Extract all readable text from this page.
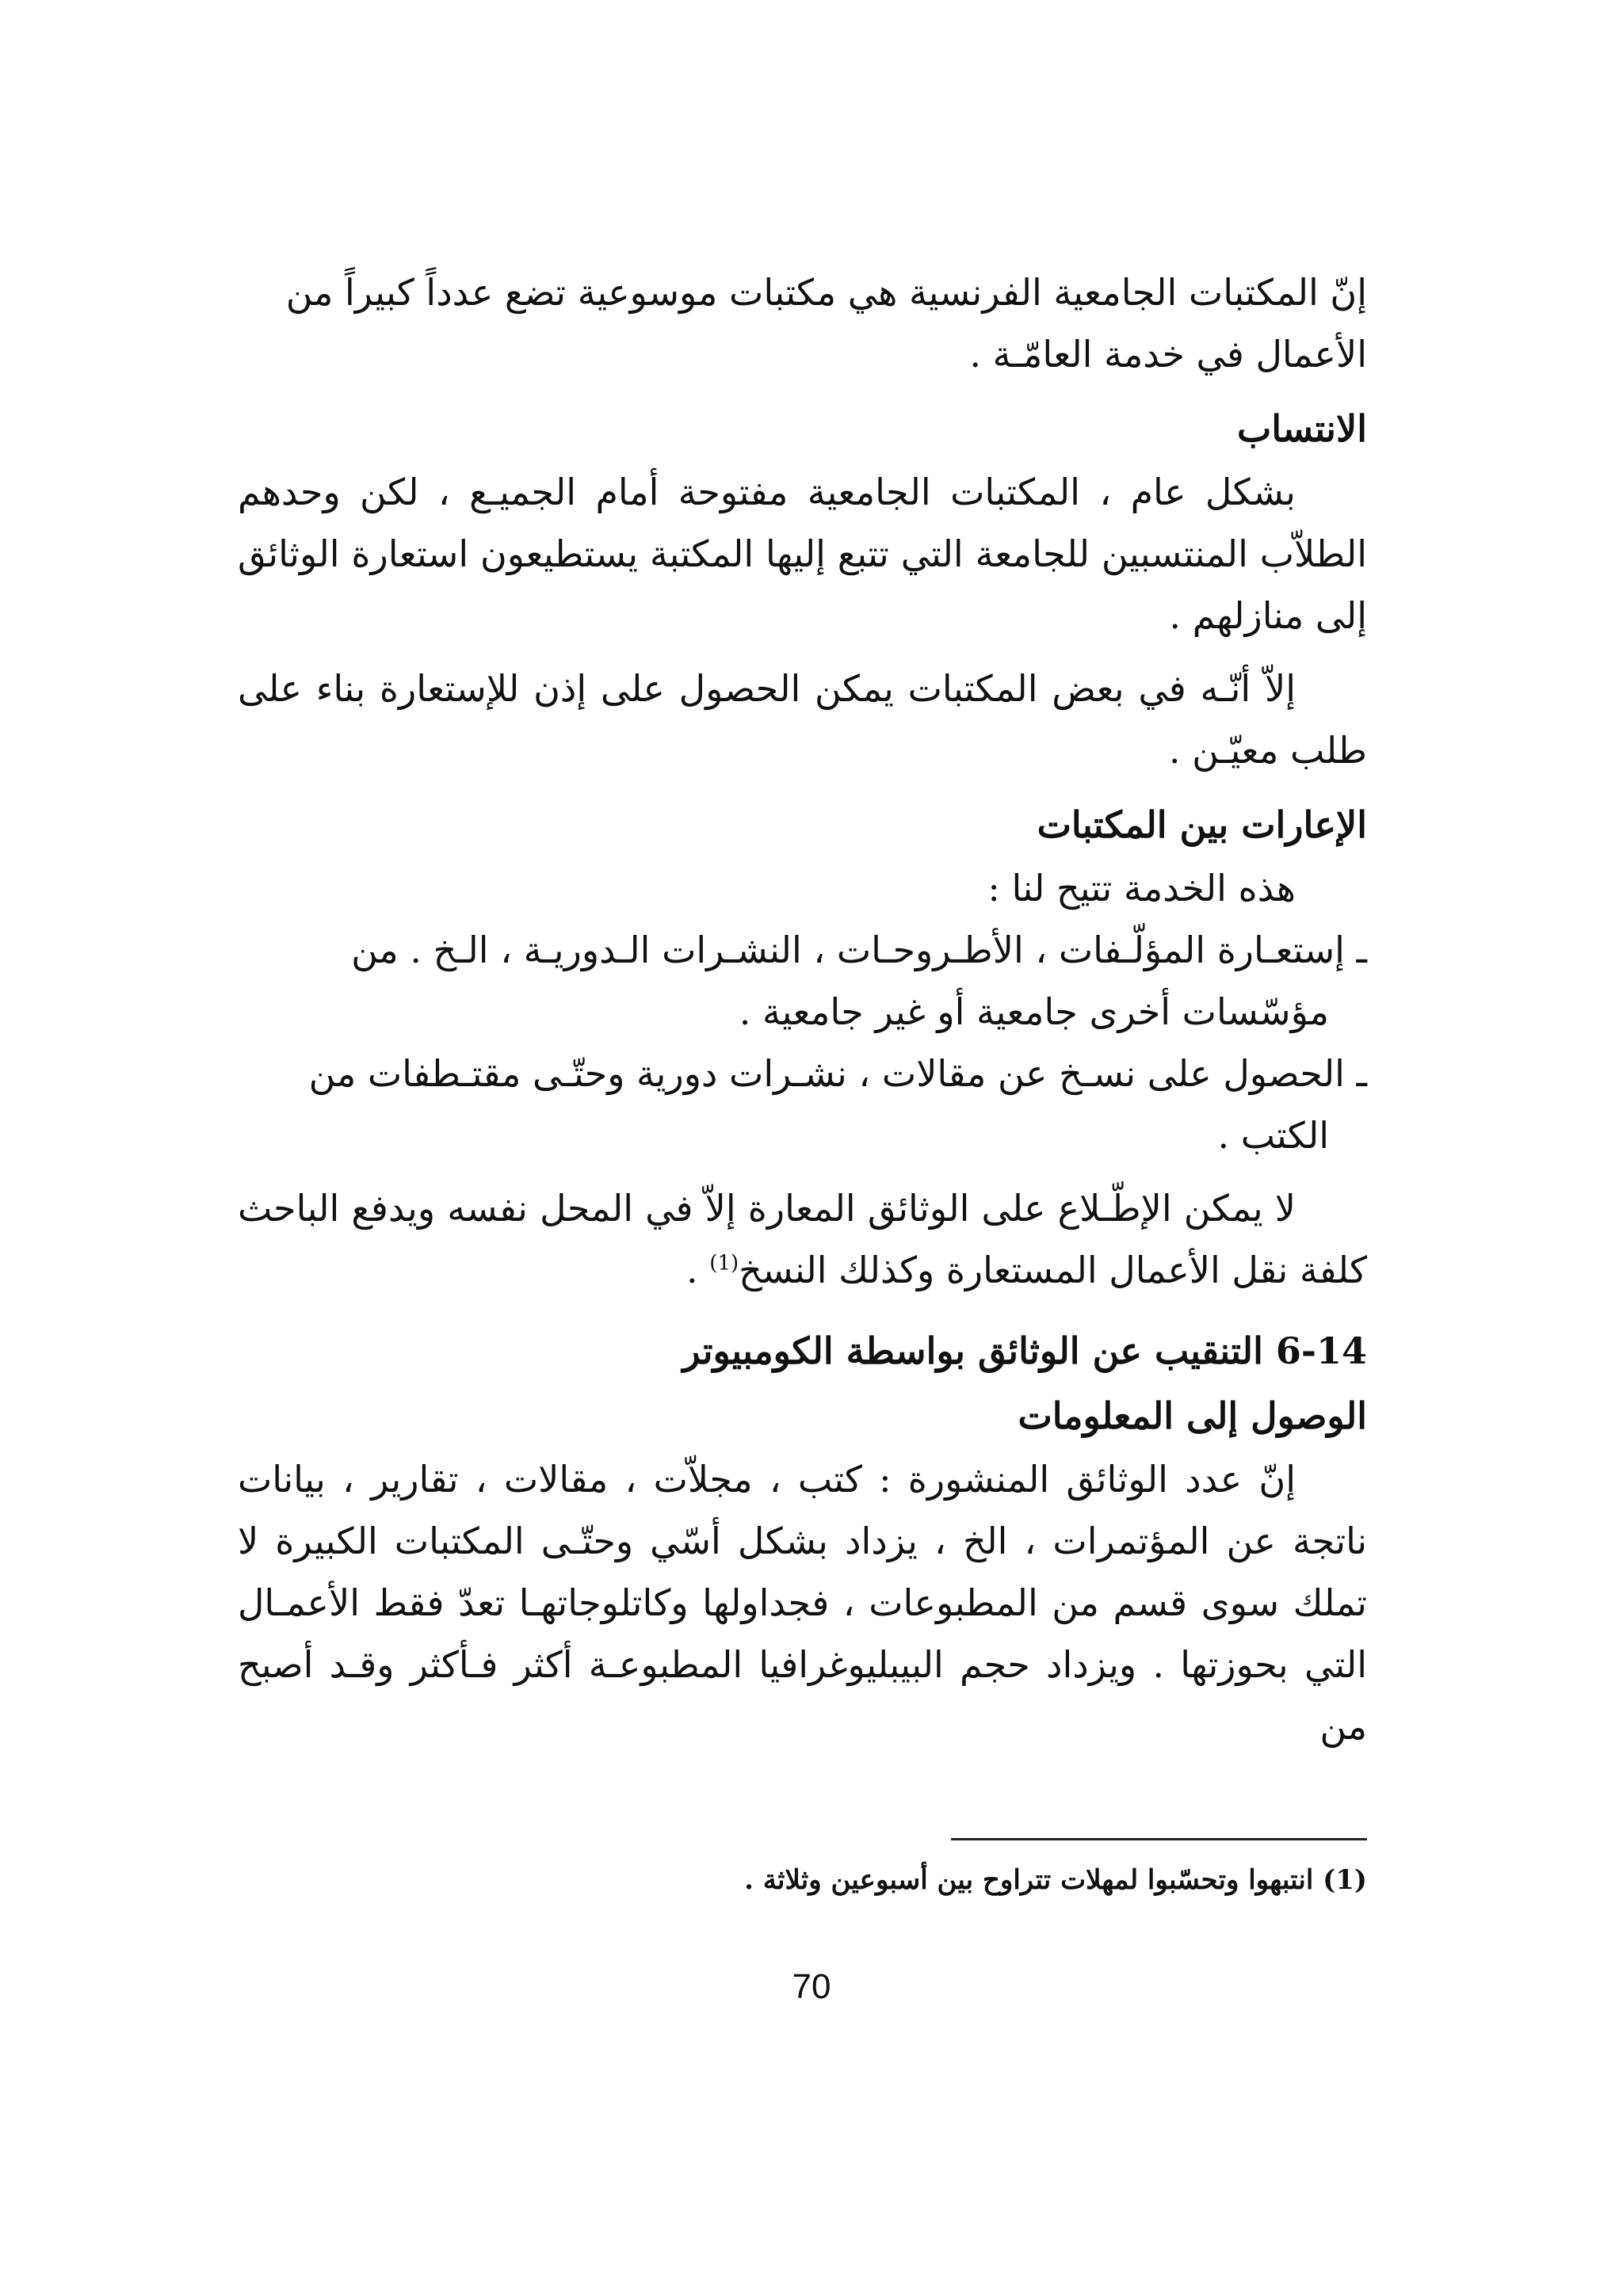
إنّ المكتبات الجامعية الفرنسية هي مكتبات موسوعية تضع عدداً كبيراً من

الأعمال في خدمة العامّـة .

الانتساب

بشكل عام ، المكتبات الجامعية مفتوحة أمام الجميـع ، لكن وحدهم الطلاّب المنتسبين للجامعة التي تتبع إليها المكتبة يستطيعون استعارة الوثائق إلى منازلهم .

إلاّ أنّـه في بعض المكتبات يمكن الحصول على إذن للإستعارة بناء على طلب معيّـن .

الإعارات بين المكتبات

هذه الخدمة تتيح لنا :

ـ إستعـارة المؤلّـفات ، الأطـروحـات ، النشـرات الـدوريـة ، الـخ . من

مؤسّسات أخرى جامعية أو غير جامعية .

ـ الحصول على نسـخ عن مقالات ، نشـرات دورية وحتّـى مقتـطفات من

الكتب .

لا يمكن الإطّـلاع على الوثائق المعارة إلاّ في المحل نفسه ويدفع الباحث كلفة نقل الأعمال المستعارة وكذلك النسخ$^{(1)}$ .

6-14 التنقيب عن الوثائق بواسطة الكومبيوتر

الوصول إلى المعلومات

إنّ عدد الوثائق المنشورة : كتب ، مجلاّت ، مقالات ، تقارير ، بيانات ناتجة عن المؤتمرات ، الخ ، يزداد بشكل أسّي وحتّـى المكتبات الكبيرة لا تملك سوى قسم من المطبوعات ، فجداولها وكاتلوجاتهـا تعدّ فقط الأعمـال التي بحوزتها . ويزداد حجم البيبليوغرافيا المطبوعـة أكثر فـأكثر وقـد أصبح من

(1) انتبهوا وتحسّبوا لمهلات تتراوح بين أسبوعين وثلاثة .

70
